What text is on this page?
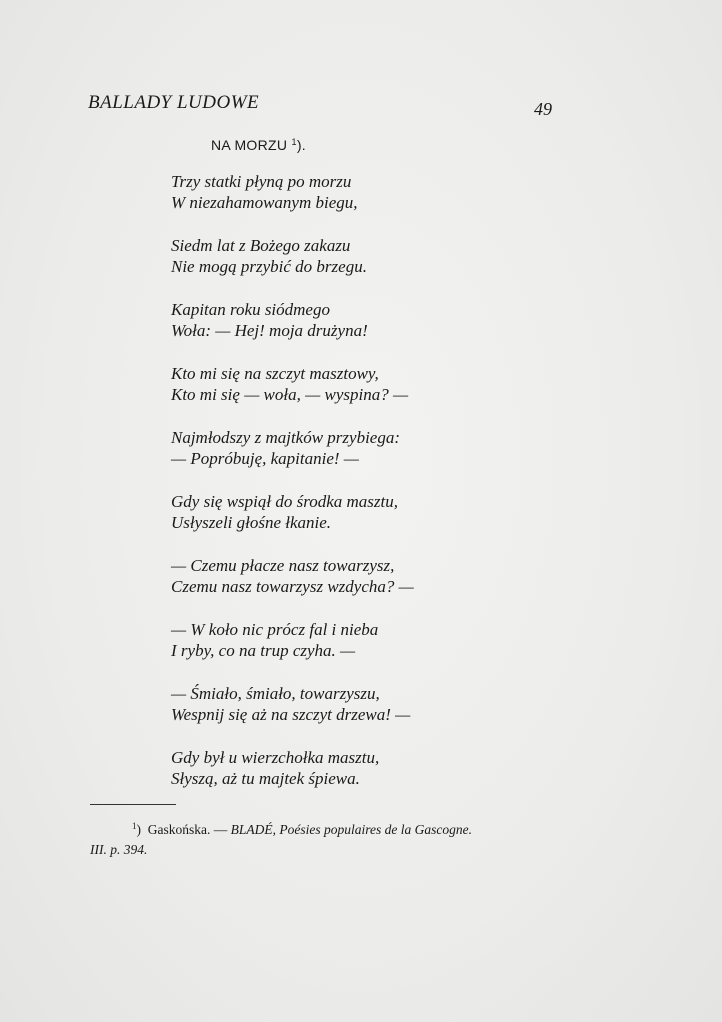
BALLADY LUDOWE	49
NA MORZU $^1$).
Trzy statki płyną po morzu
W niezahamowanym biegu,
Siedm lat z Bożego zakazu
Nie mogą przybić do brzegu.
Kapitan roku siódmego
Woła: — Hej! moja drużyna!
Kto mi się na szczyt masztowy,
Kto mi się — woła, — wyspina? —
Najmłodszy z majtków przybiega:
— Popróbuję, kapitanie! —
Gdy się wspiął do środka masztu,
Usłyszeli głośne łkanie.
— Czemu płacze nasz towarzysz,
Czemu nasz towarzysz wzdycha? —
— W koło nic prócz fal i nieba
I ryby, co na trup czyha. —
— Śmiało, śmiało, towarzyszu,
Wespnij się aż na szczyt drzewa! —
Gdy był u wierzchołka masztu,
Słyszą, aż tu majtek śpiewa.
$^1$) Gaskońska. — BLADÉ, Poésies populaires de la Gascogne.
III. p. 394.
